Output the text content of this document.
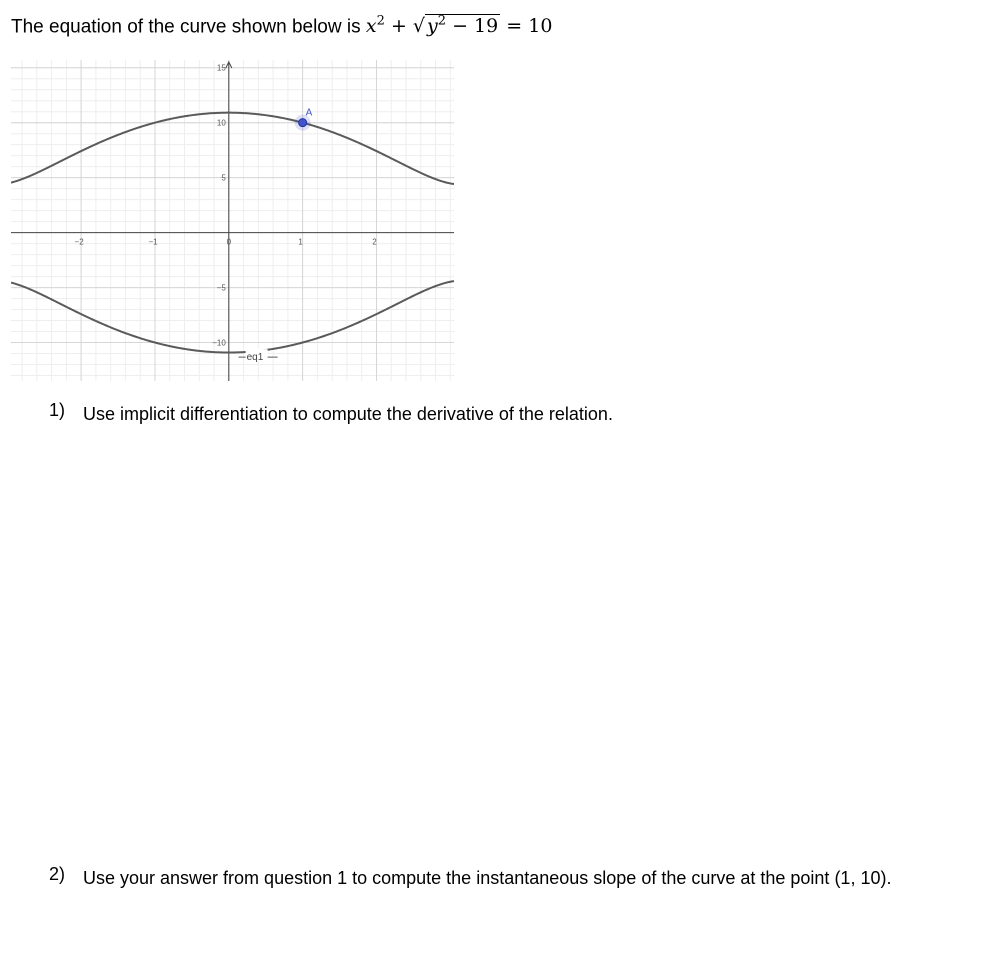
The equation of the curve shown below is $x^2$ + √ $y^2 - 19 = 10$
−2	−1	0	1	2
15
10
5
−5
−10
eq1
A
1) Use implicit differentiation to compute the derivative of the relation.
2) Use your answer from question 1 to compute the instantaneous slope of the curve at the point (1, 10).
